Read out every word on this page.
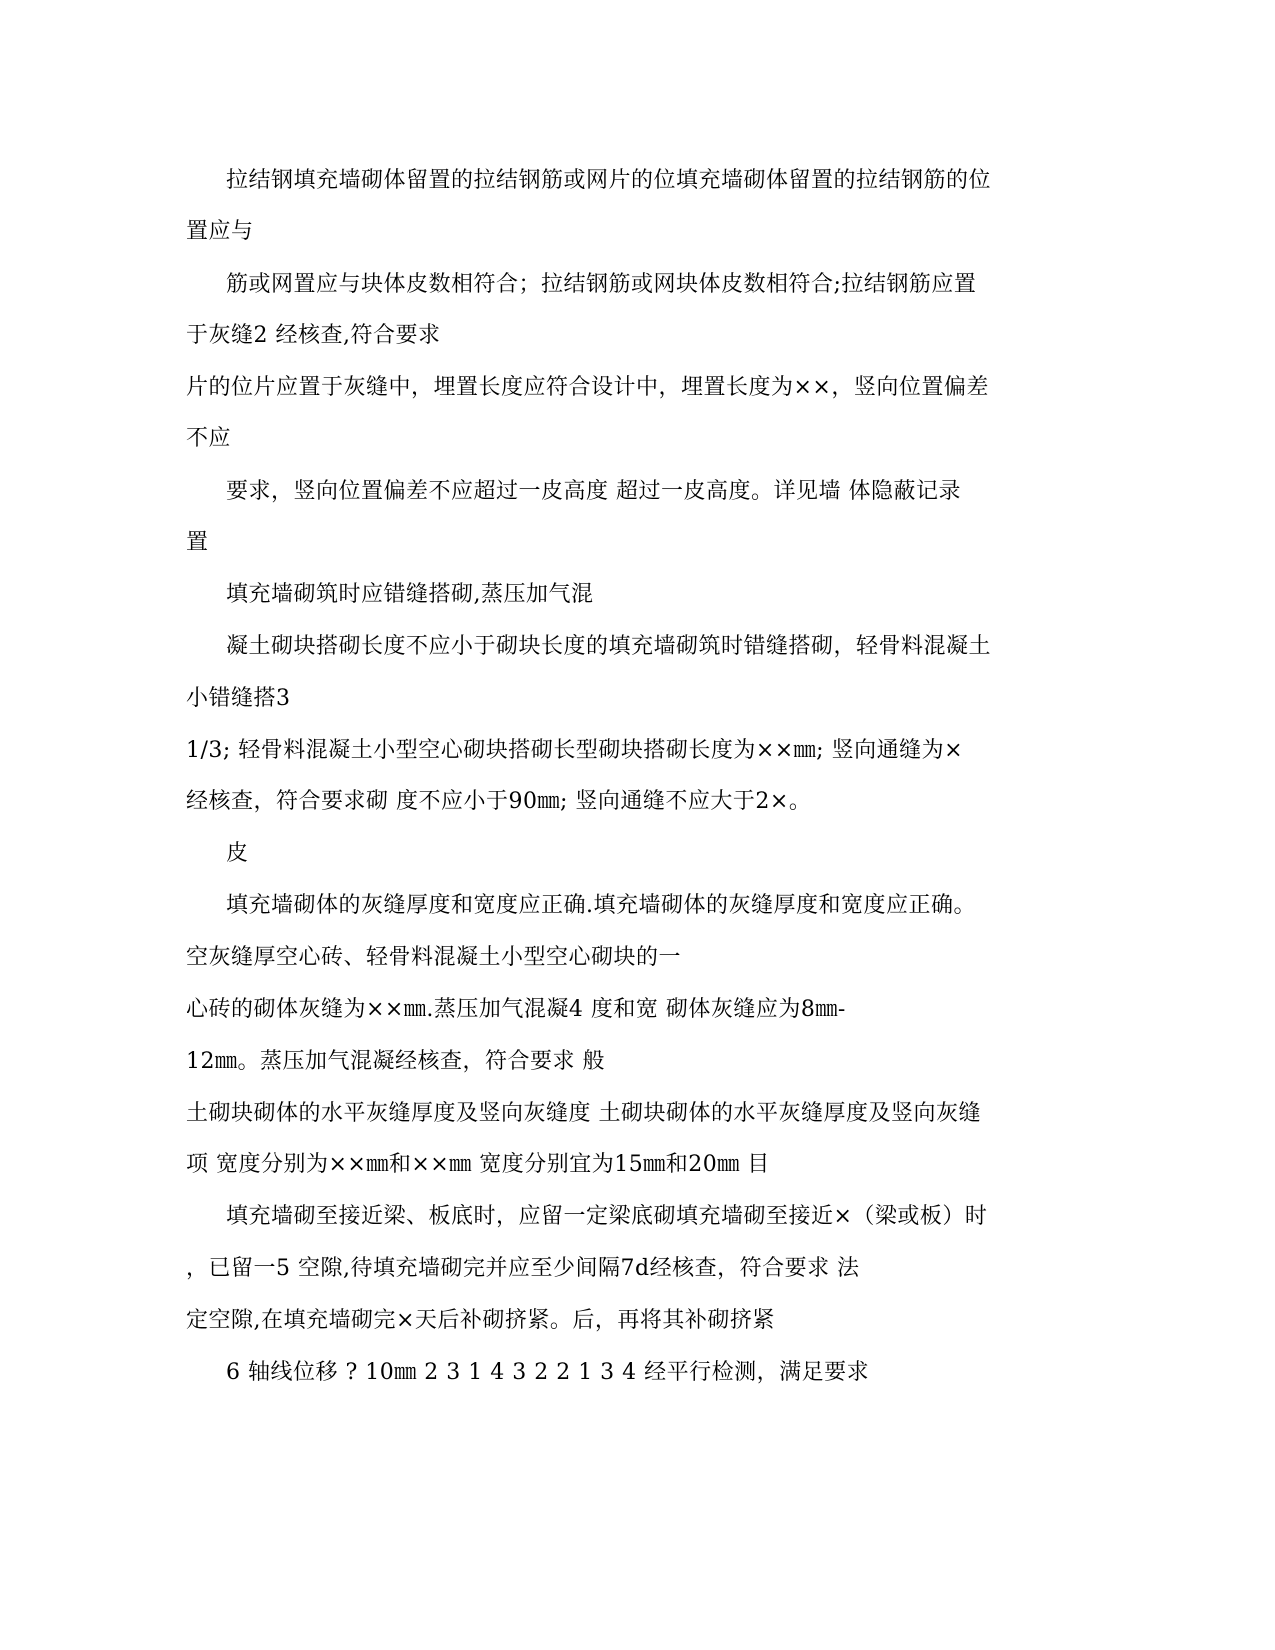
拉结钢填充墙砌体留置的拉结钢筋或网片的位填充墙砌体留置的拉结钢筋的位
置应与
筋或网置应与块体皮数相符合；拉结钢筋或网块体皮数相符合;拉结钢筋应置
于灰缝2 经核查,符合要求
片的位片应置于灰缝中，埋置长度应符合设计中，埋置长度为××，竖向位置偏差
不应
要求，竖向位置偏差不应超过一皮高度 超过一皮高度。详见墙 体隐蔽记录
置
填充墙砌筑时应错缝搭砌,蒸压加气混
凝土砌块搭砌长度不应小于砌块长度的填充墙砌筑时错缝搭砌，轻骨料混凝土
小错缝搭3
1/3; 轻骨料混凝土小型空心砌块搭砌长型砌块搭砌长度为××㎜; 竖向通缝为×
经核查，符合要求砌 度不应小于90㎜; 竖向通缝不应大于2×。
皮
填充墙砌体的灰缝厚度和宽度应正确.填充墙砌体的灰缝厚度和宽度应正确。
空灰缝厚空心砖、轻骨料混凝土小型空心砌块的一
心砖的砌体灰缝为××㎜.蒸压加气混凝4 度和宽 砌体灰缝应为8㎜-
12㎜。蒸压加气混凝经核查，符合要求 般
土砌块砌体的水平灰缝厚度及竖向灰缝度 土砌块砌体的水平灰缝厚度及竖向灰缝
项 宽度分别为××㎜和××㎜ 宽度分别宜为15㎜和20㎜ 目
填充墙砌至接近梁、板底时，应留一定梁底砌填充墙砌至接近×（梁或板）时
，已留一5 空隙,待填充墙砌完并应至少间隔7d经核查，符合要求 法
定空隙,在填充墙砌完×天后补砌挤紧。后，再将其补砌挤紧
6 轴线位移 ? 10㎜ 2 3 1 4 3 2 2 1 3 4 经平行检测，满足要求
